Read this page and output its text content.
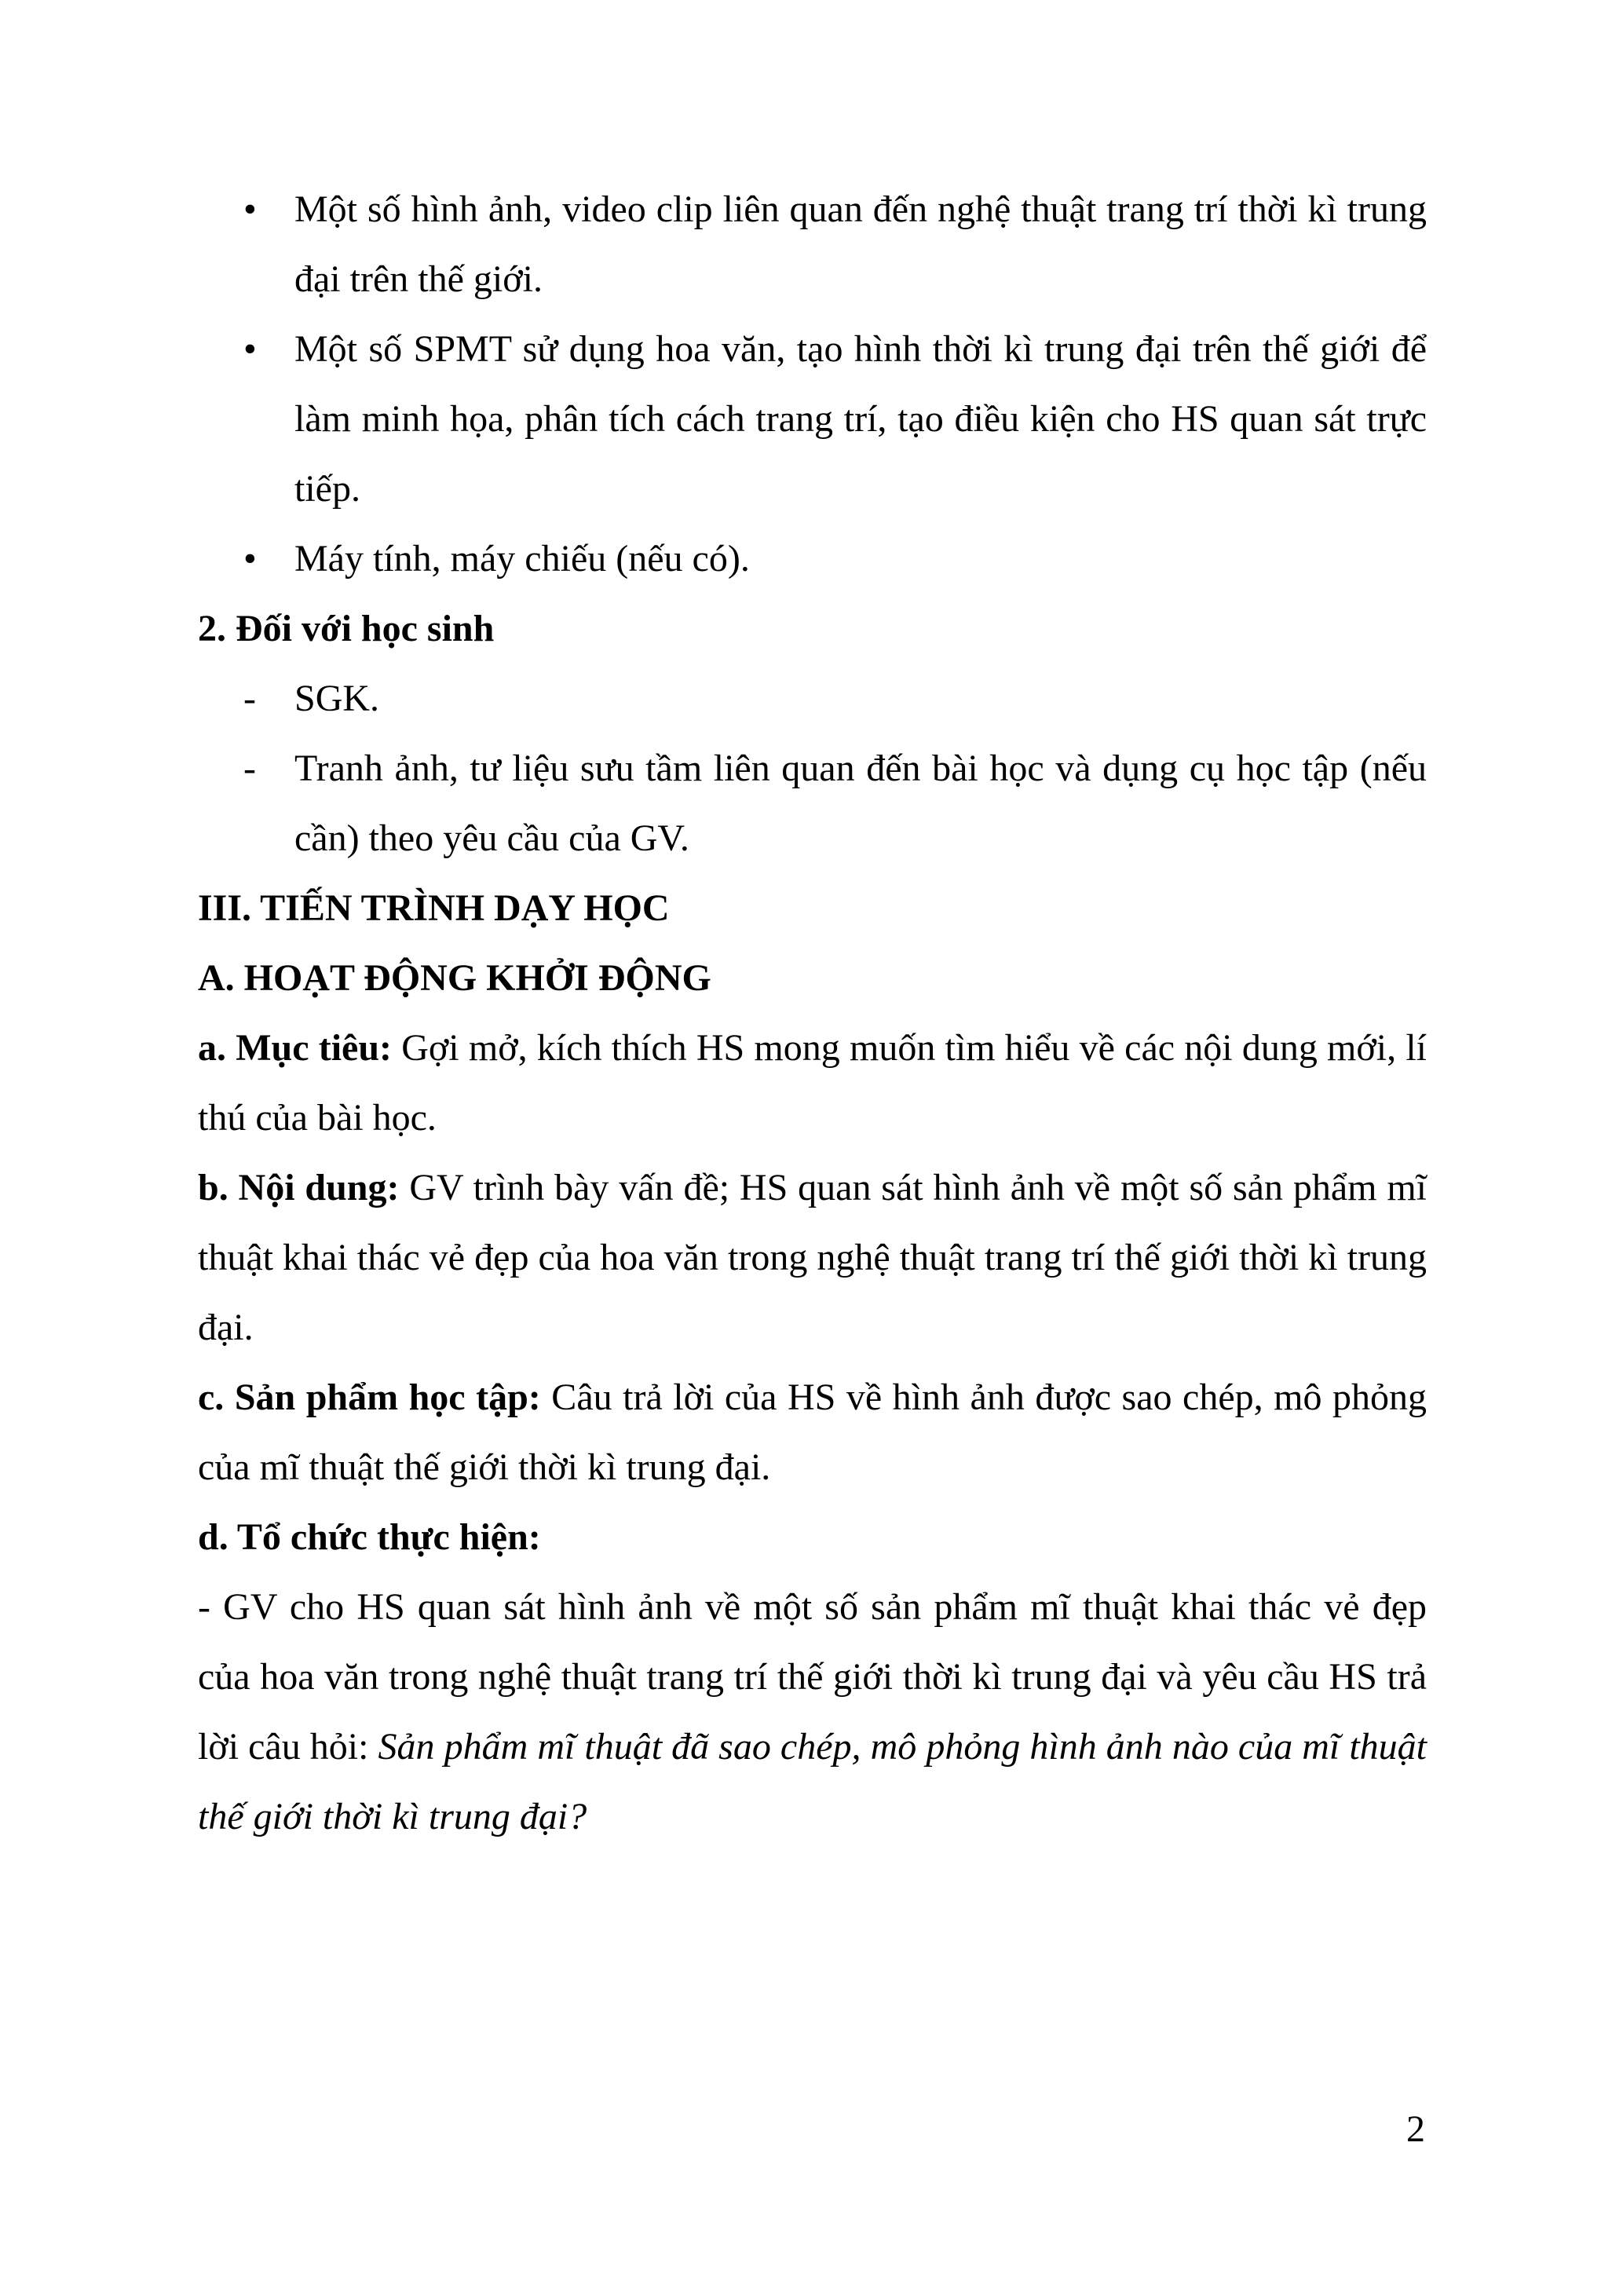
• Một số hình ảnh, video clip liên quan đến nghệ thuật trang trí thời kì trung đại trên thế giới.
• Một số SPMT sử dụng hoa văn, tạo hình thời kì trung đại trên thế giới để làm minh họa, phân tích cách trang trí, tạo điều kiện cho HS quan sát trực tiếp.
• Máy tính, máy chiếu (nếu có).

2. Đối với học sinh

- SGK.
- Tranh ảnh, tư liệu sưu tầm liên quan đến bài học và dụng cụ học tập (nếu cần) theo yêu cầu của GV.

III. TIẾN TRÌNH DẠY HỌC

A. HOẠT ĐỘNG KHỞI ĐỘNG

a. Mục tiêu: Gợi mở, kích thích HS mong muốn tìm hiểu về các nội dung mới, lí thú của bài học.

b. Nội dung: GV trình bày vấn đề; HS quan sát hình ảnh về một số sản phẩm mĩ thuật khai thác vẻ đẹp của hoa văn trong nghệ thuật trang trí thế giới thời kì trung đại.

c. Sản phẩm học tập: Câu trả lời của HS về hình ảnh được sao chép, mô phỏng của mĩ thuật thế giới thời kì trung đại.

d. Tổ chức thực hiện:

- GV cho HS quan sát hình ảnh về một số sản phẩm mĩ thuật khai thác vẻ đẹp của hoa văn trong nghệ thuật trang trí thế giới thời kì trung đại và yêu cầu HS trả lời câu hỏi: Sản phẩm mĩ thuật đã sao chép, mô phỏng hình ảnh nào của mĩ thuật thế giới thời kì trung đại?

2
